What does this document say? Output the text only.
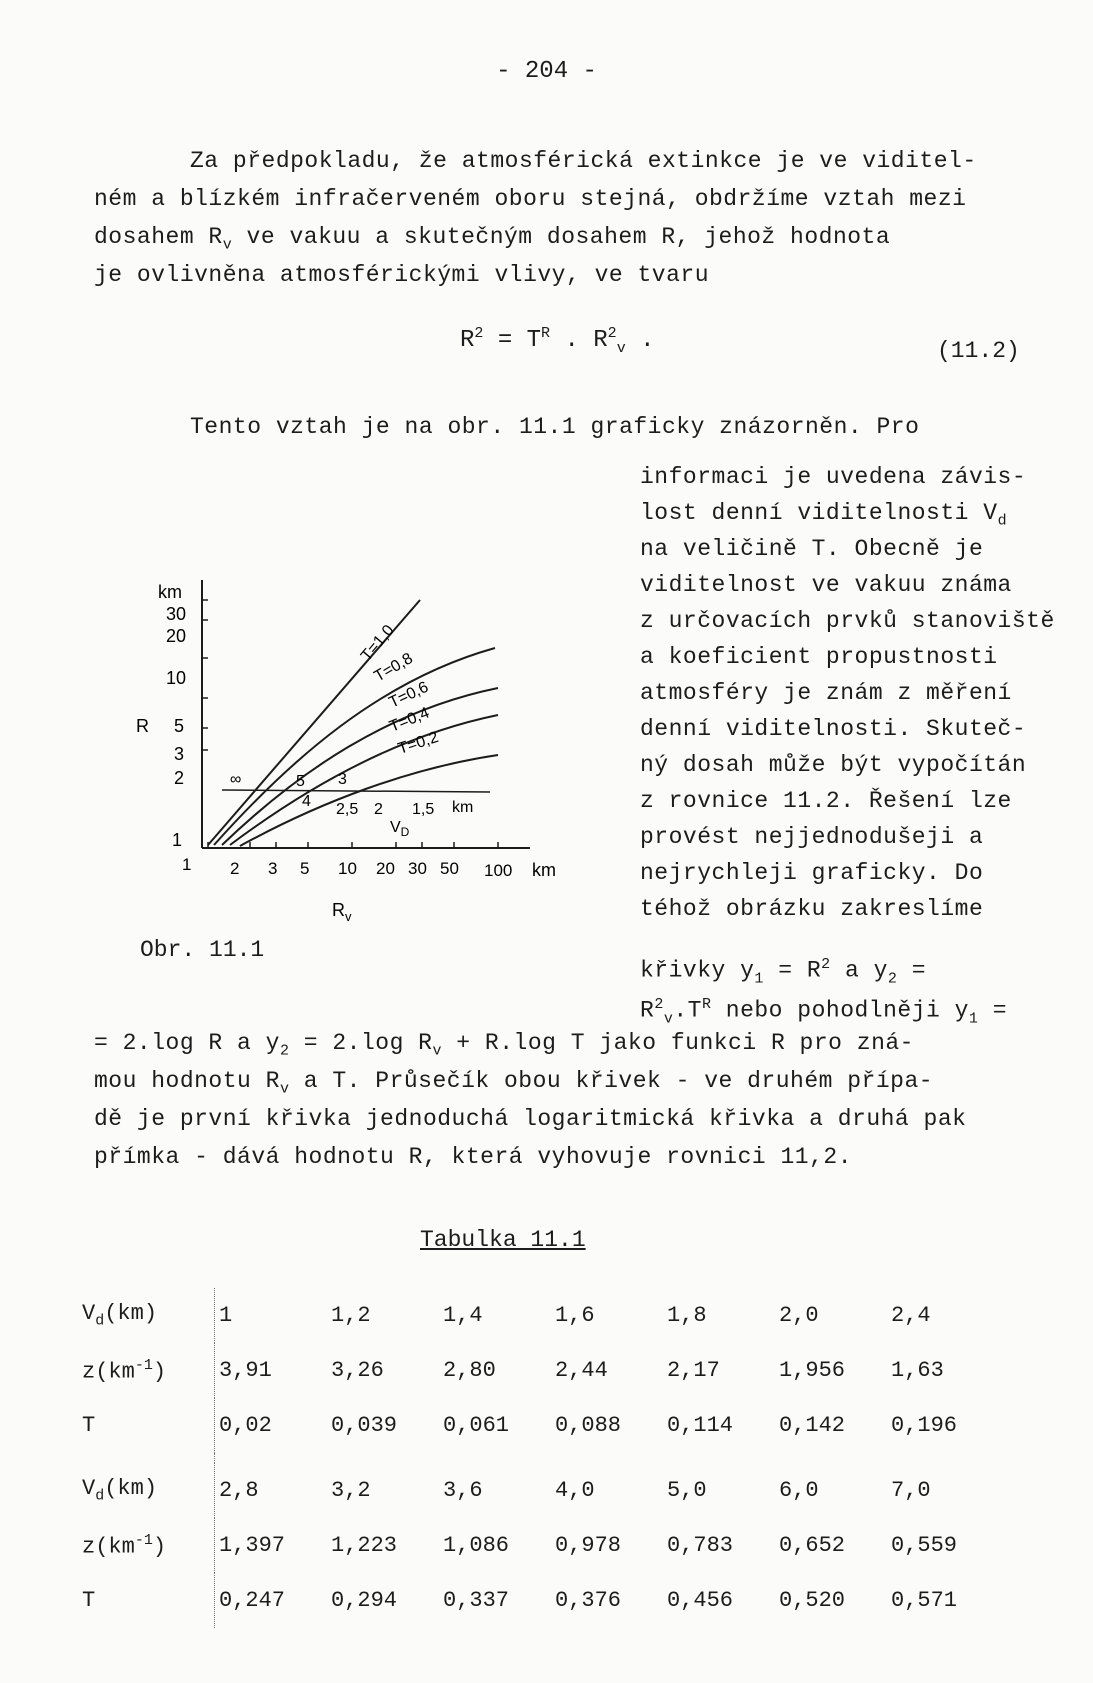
- 204 -
Za předpokladu, že atmosférická extinkce je ve viditel-
ném a blízkém infračerveném oboru stejná, obdržíme vztah mezi
dosahem $R_v$ ve vakuu a skutečným dosahem R, jehož hodnota
je ovlivněna atmosférickými vlivy, ve tvaru
$R^2 = T^R$ . $R^2_v$ .	(11.2)
Tento vztah je na obr. 11.1 graficky znázorněn. Pro
informaci je uvedena závis-
lost denní viditelnosti $V_d$
na veličině T. Obecně je
viditelnost ve vakuu známa
z určovacích prvků stanoviště
a koeficient propustnosti
atmosféry je znám z měření
denní viditelnosti. Skuteč-
ný dosah může být vypočítán
z rovnice 11.2. Řešení lze
provést nejjednodušeji a
nejrychleji graficky. Do
téhož obrázku zakreslíme
křivky $y_1 = R^2$ a $y_2$ =
$R^2_v.T^R$ nebo pohodlněji $y_1$ =
= 2.log R a $y_2 = 2.\log$ $R_v + R.\log$ T jako funkci R pro zná-
mou hodnotu $R_v$ a T. Průsečík obou křivek - ve druhém přípa-
dě je první křivka jednoduchá logaritmická křivka a druhá pak
přímka - dává hodnotu R, která vyhovuje rovnici 11,2.
km
30
20
10
R 5
3
2
1
1 2 3 5 10 20 30 50 100 km
$R_v$
T=1,0
T=0,8
T=0,6
T=0,4
T=0,2
∞	5
4
3
2,5 2 1,5 km
$V_D$
Obr. 11.1
Tabulka 11.1
$V_d(km)$	1	1,2	1,4	1,6	1,8	2,0	2,4
$z(km^{-1})$	3,91	3,26	2,80	2,44	2,17	1,956	1,63
T	0,02	0,039	0,061	0,088	0,114	0,142	0,196

$V_d(km)$	2,8	3,2	3,6	4,0	5,0	6,0	7,0
$z(km^{-1})$	1,397	1,223	1,086	0,978	0,783	0,652	0,559
T	0,247	0,294	0,337	0,376	0,456	0,520	0,571
